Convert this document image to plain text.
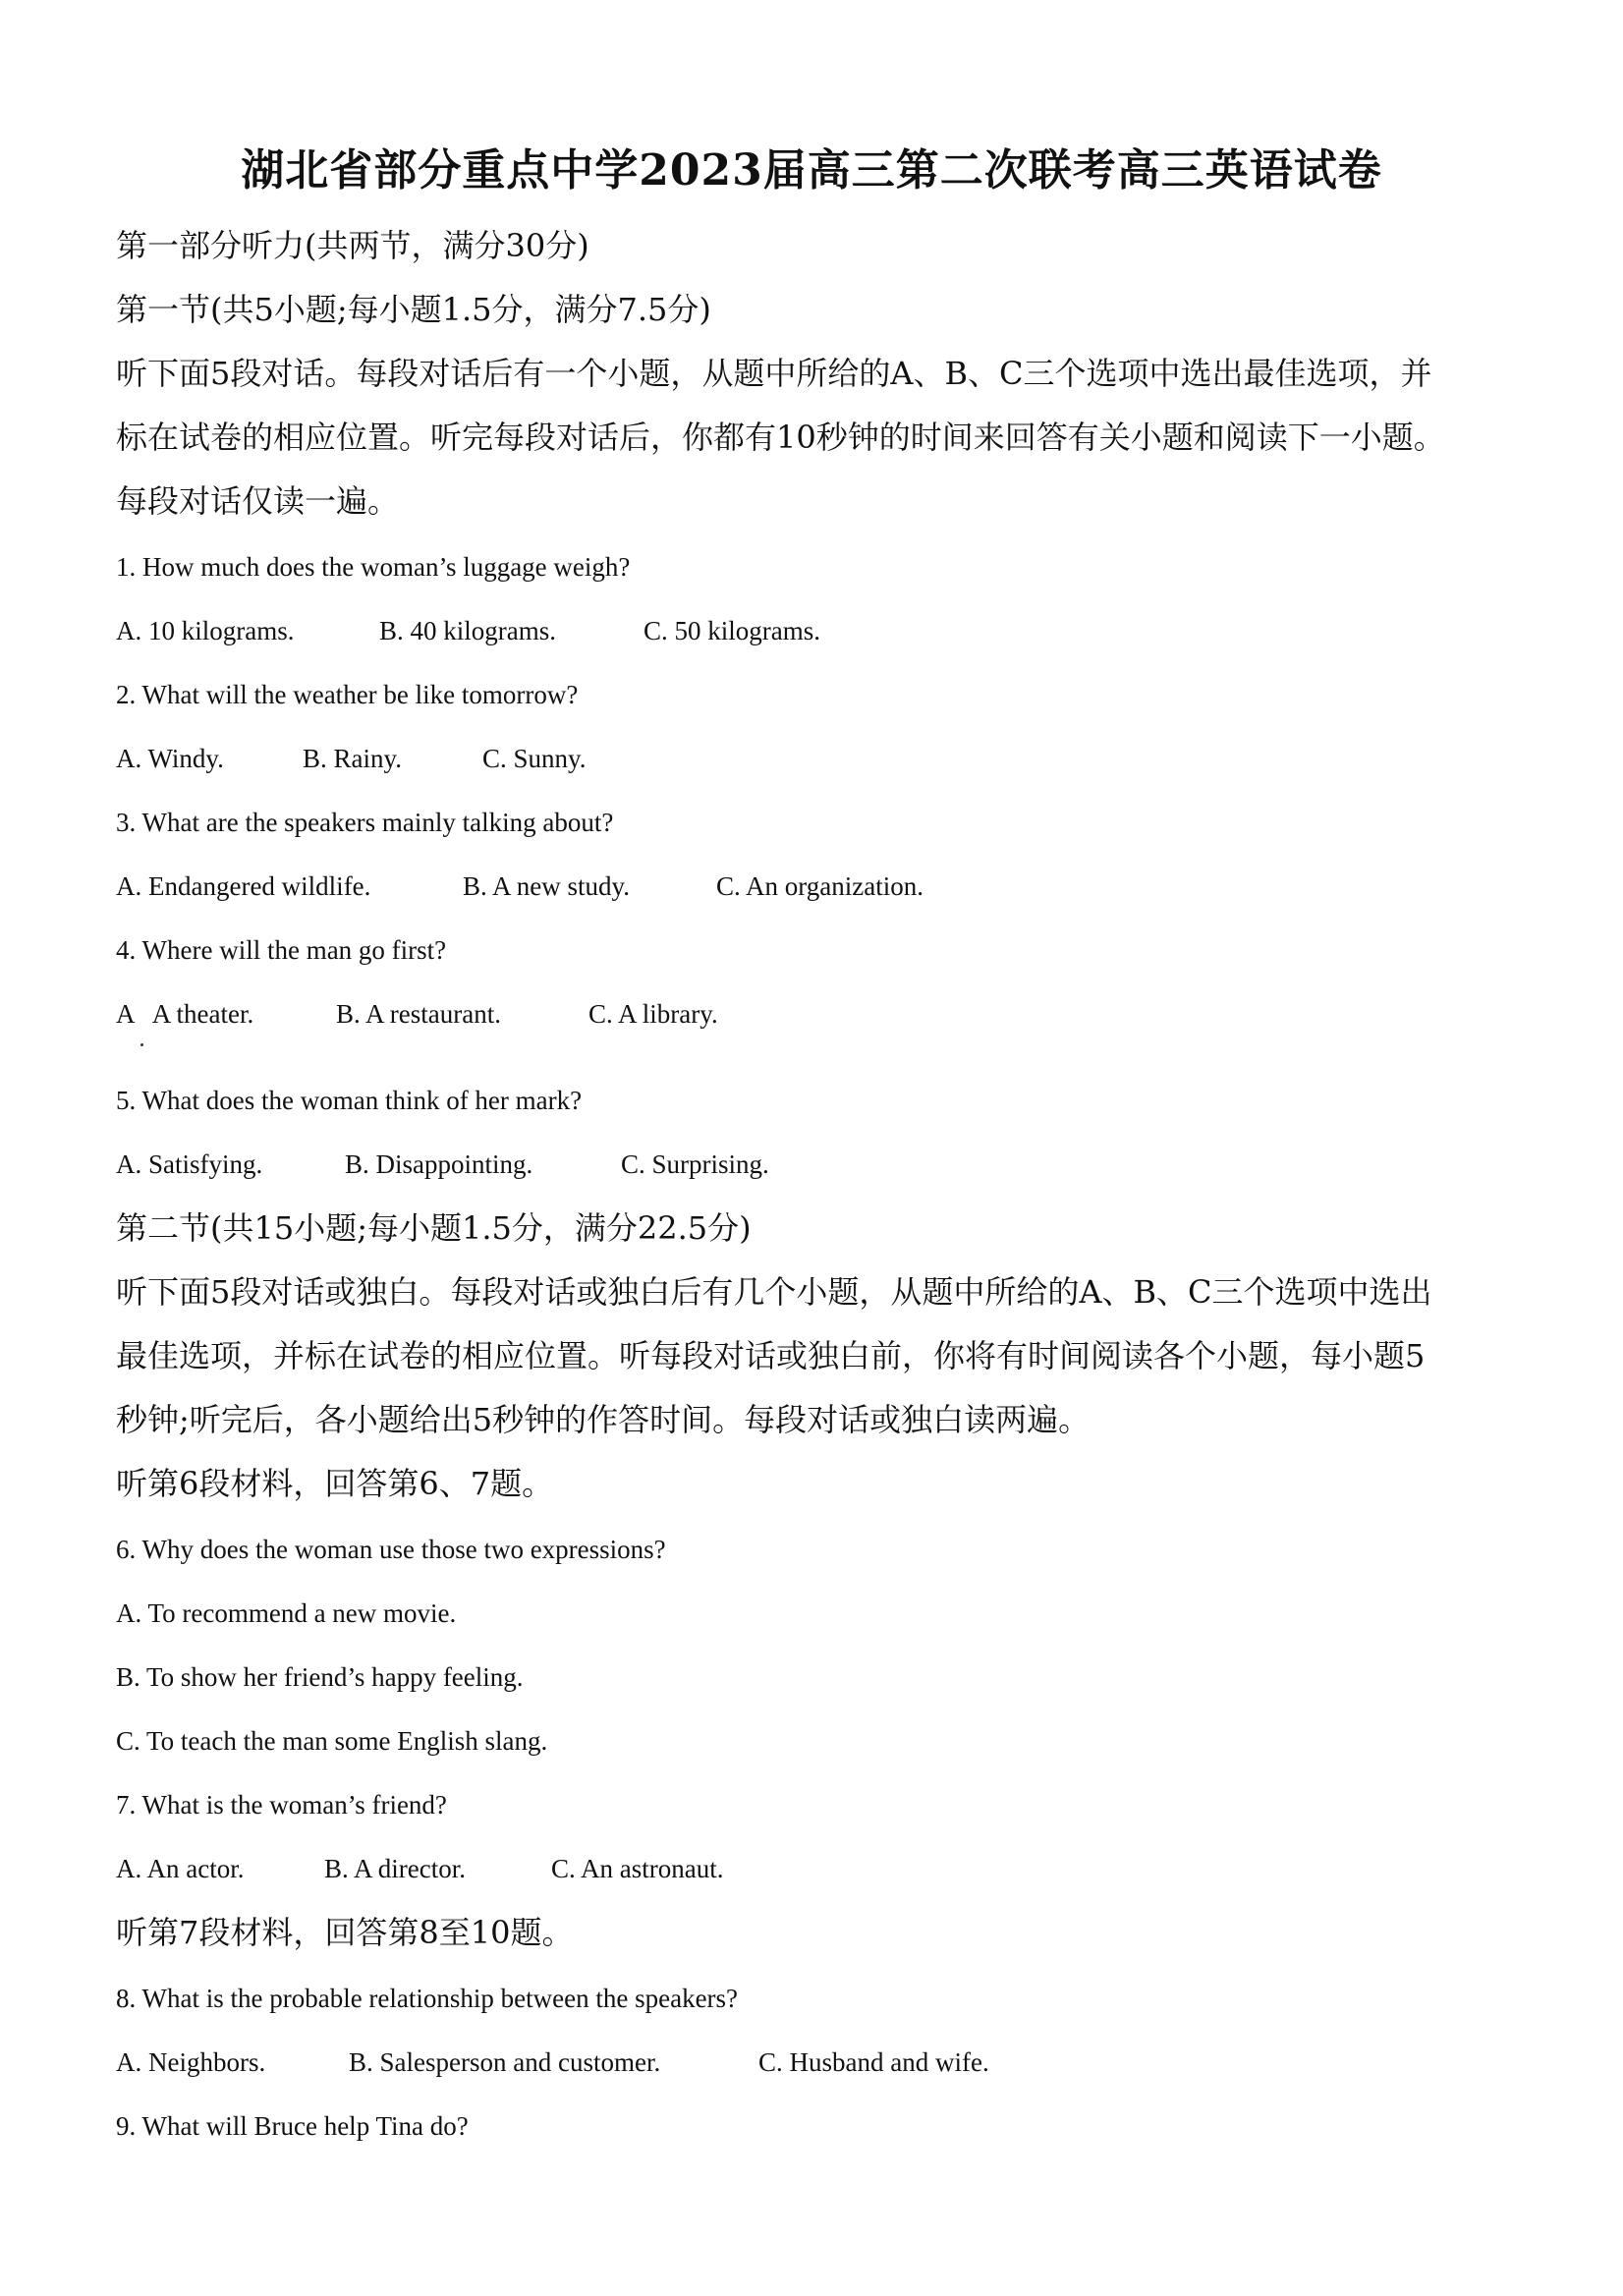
湖北省部分重点中学2023届高三第二次联考高三英语试卷
第一部分听力(共两节，满分30分)
第一节(共5小题;每小题1.5分，满分7.5分)
听下面5段对话。每段对话后有一个小题，从题中所给的A、B、C三个选项中选出最佳选项，并
标在试卷的相应位置。听完每段对话后，你都有10秒钟的时间来回答有关小题和阅读下一小题。
每段对话仅读一遍。
1. How much does the woman’s luggage weigh?
A. 10 kilograms.	B. 40 kilograms.	C. 50 kilograms.
2. What will the weather be like tomorrow?
A. Windy.	B. Rainy.	C. Sunny.
3. What are the speakers mainly talking about?
A. Endangered wildlife.	B. A new study.	C. An organization.
4. Where will the man go first?
A   A theater.	B. A restaurant.	C. A library.
5. What does the woman think of her mark?
A. Satisfying.	B. Disappointing.	C. Surprising.
第二节(共15小题;每小题1.5分，满分22.5分)
听下面5段对话或独白。每段对话或独白后有几个小题，从题中所给的A、B、C三个选项中选出
最佳选项，并标在试卷的相应位置。听每段对话或独白前，你将有时间阅读各个小题，每小题5
秒钟;听完后，各小题给出5秒钟的作答时间。每段对话或独白读两遍。
听第6段材料，回答第6、7题。
6. Why does the woman use those two expressions?
A. To recommend a new movie.
B. To show her friend’s happy feeling.
C. To teach the man some English slang.
7. What is the woman’s friend?
A. An actor.	B. A director.	C. An astronaut.
听第7段材料，回答第8至10题。
8. What is the probable relationship between the speakers?
A. Neighbors.	B. Salesperson and customer.	C. Husband and wife.
9. What will Bruce help Tina do?
